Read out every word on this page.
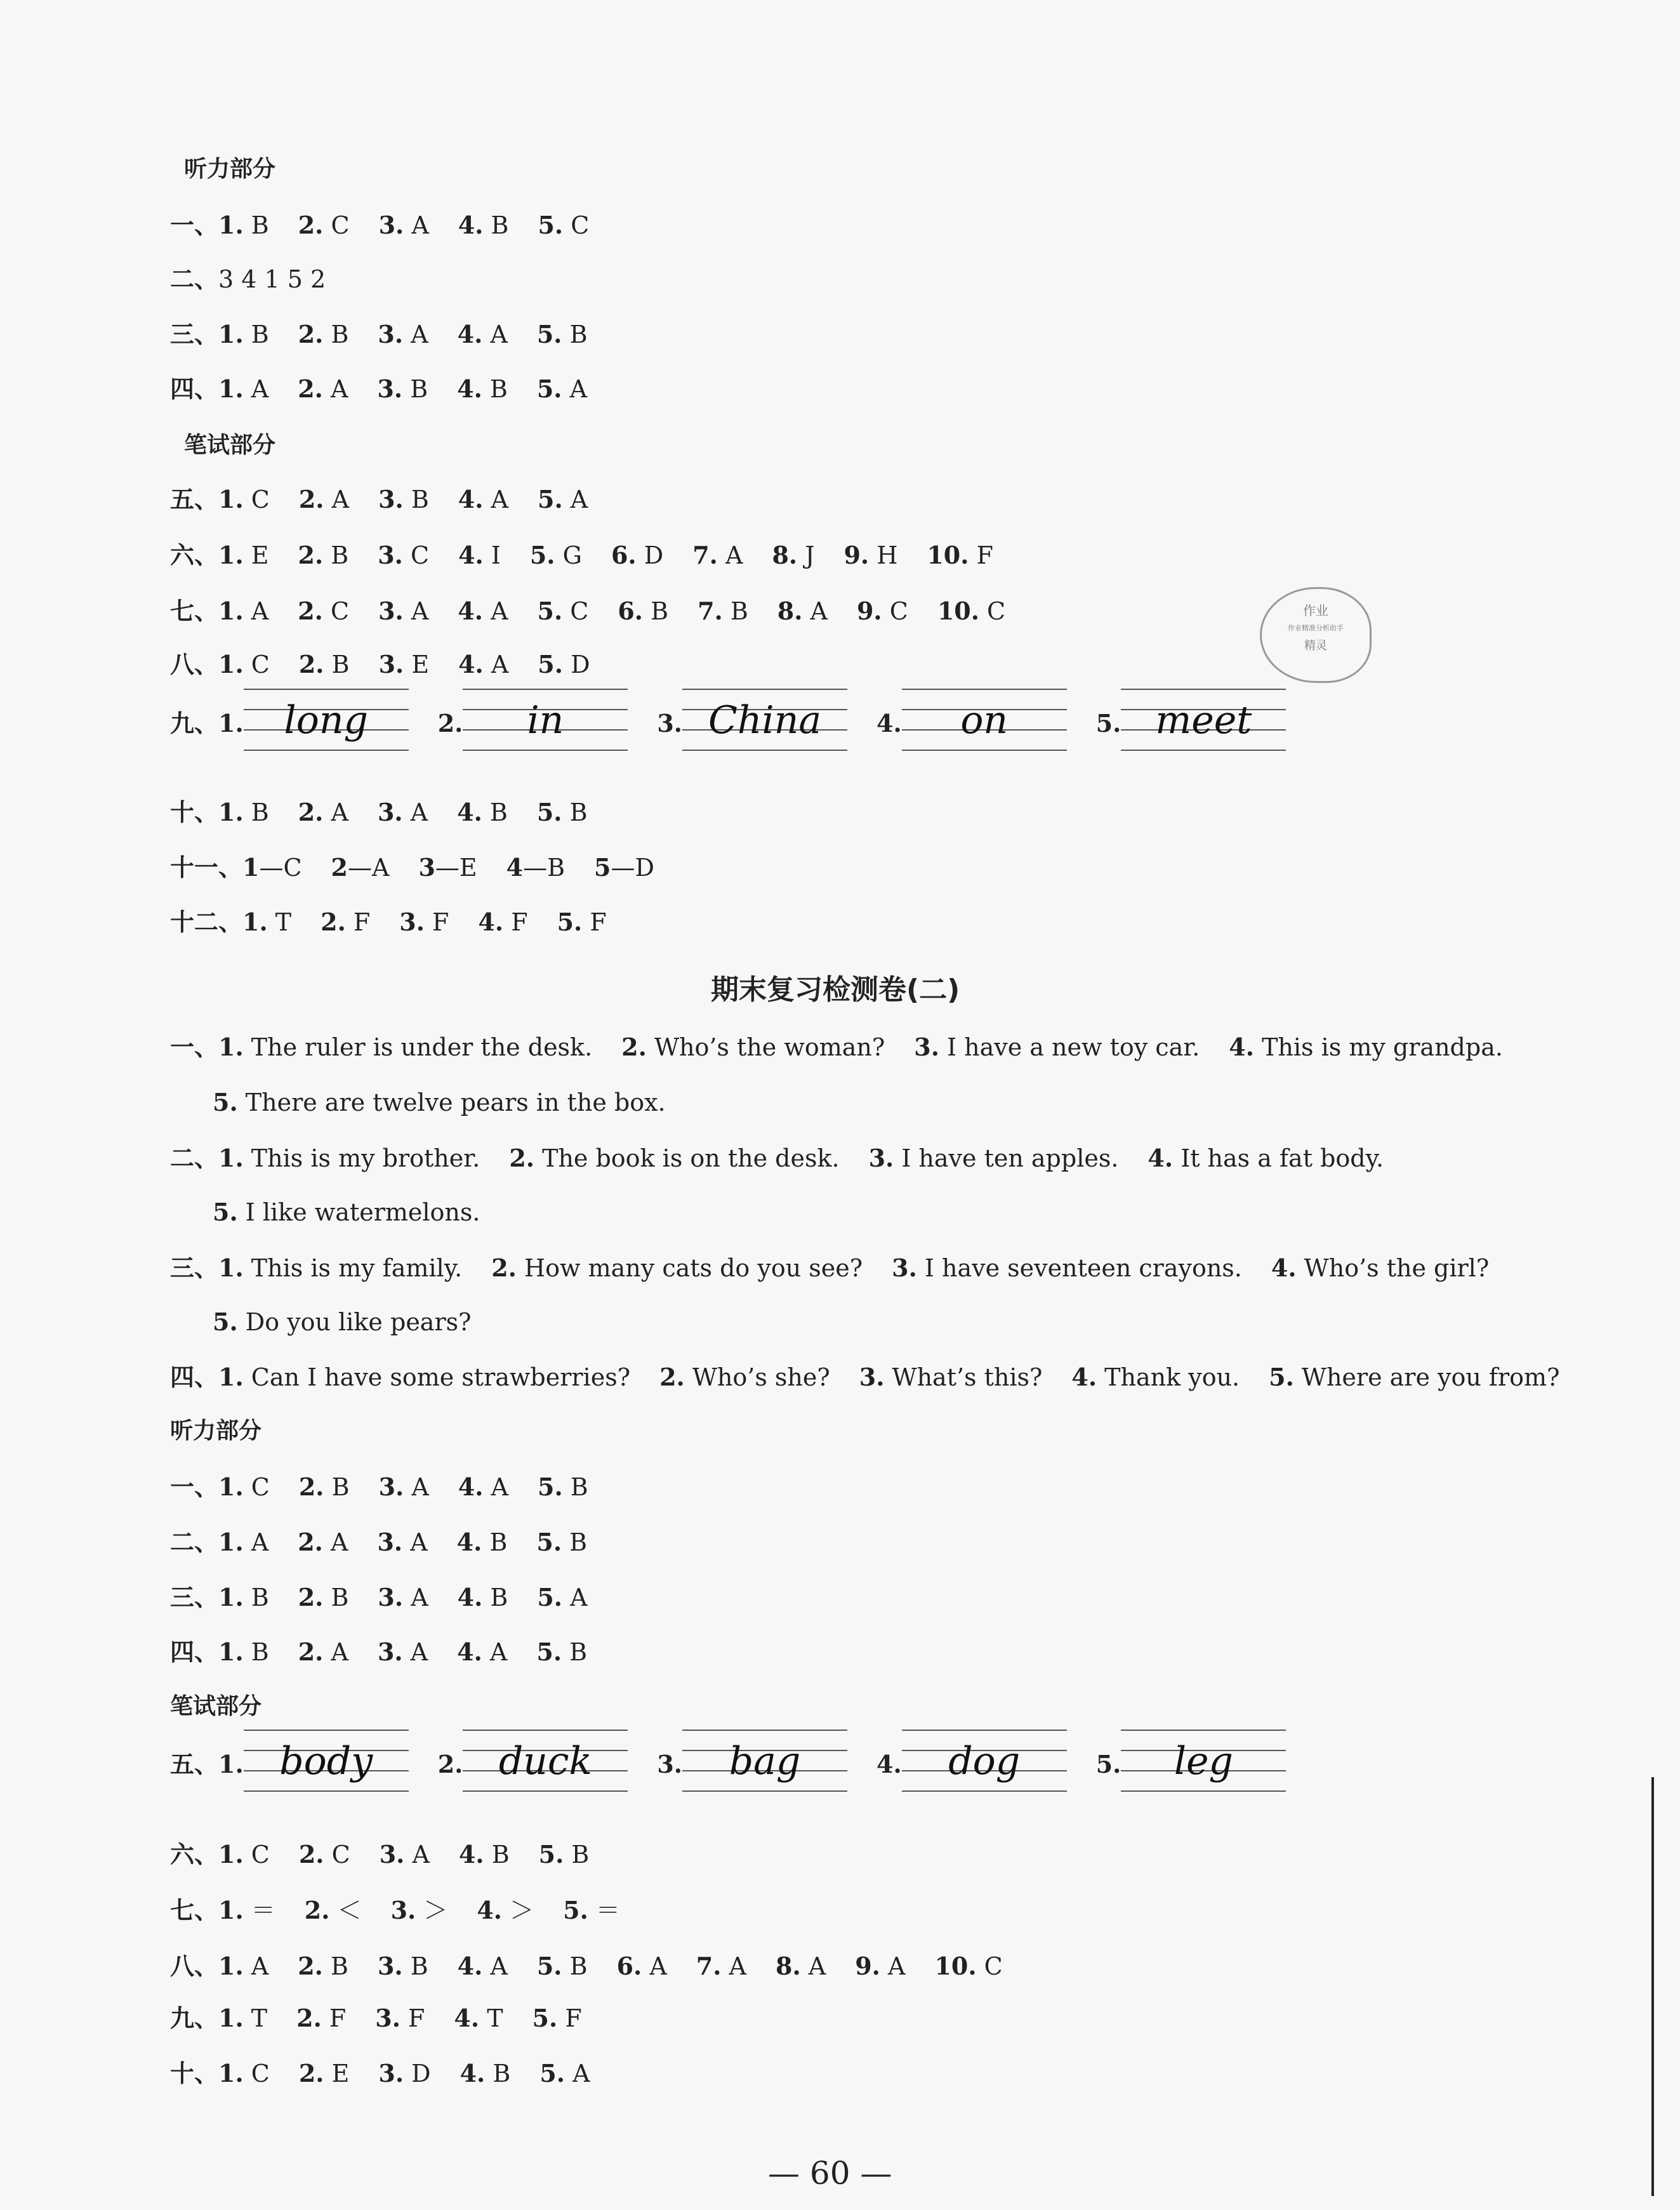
听力部分
一、1. B 2. C 3. A 4. B 5. C
二、3 4 1 5 2
三、1. B 2. B 3. A 4. A 5. B
四、1. A 2. A 3. B 4. B 5. A
笔试部分
五、1. C 2. A 3. B 4. A 5. A
六、1. E 2. B 3. C 4. I 5. G 6. D 7. A 8. J 9. H 10. F
七、1. A 2. C 3. A 4. A 5. C 6. B 7. B 8. A 9. C 10. C
八、1. C 2. B 3. E 4. A 5. D
九、1.	long	2.	in	3. China	4.	on	5. meet
十、1. B 2. A 3. A 4. B 5. B
十一、1—C 2—A 3—E 4—B 5—D
十二、1. T 2. F 3. F 4. F 5. F
期末复习检测卷(二)
一、1. The ruler is under the desk. 2. Who’s the woman? 3. I have a new toy car. 4. This is my grandpa.
5. There are twelve pears in the box.
二、1. This is my brother. 2. The book is on the desk. 3. I have ten apples. 4. It has a fat body.
5. I like watermelons.
三、1. This is my family. 2. How many cats do you see? 3. I have seventeen crayons. 4. Who’s the girl?
5. Do you like pears?
四、1. Can I have some strawberries? 2. Who’s she? 3. What’s this? 4. Thank you. 5. Where are you from?
听力部分
一、1. C 2. B 3. A 4. A 5. B
二、1. A 2. A 3. A 4. B 5. B
三、1. B 2. B 3. A 4. B 5. A
四、1. B 2. A 3. A 4. A 5. B
笔试部分
五、1. body	2. duck	3.	bag	4.	dog	5.	leg
六、1. C 2. C 3. A 4. B 5. B
七、1. ＝ 2. ＜ 3. ＞ 4. ＞ 5. ＝
八、1. A 2. B 3. B 4. A 5. B 6. A 7. A 8. A 9. A 10. C
九、1. T 2. F 3. F 4. T 5. F
十、1. C 2. E 3. D 4. B 5. A
作业
作业精准分析助手
精灵
— 60 —
